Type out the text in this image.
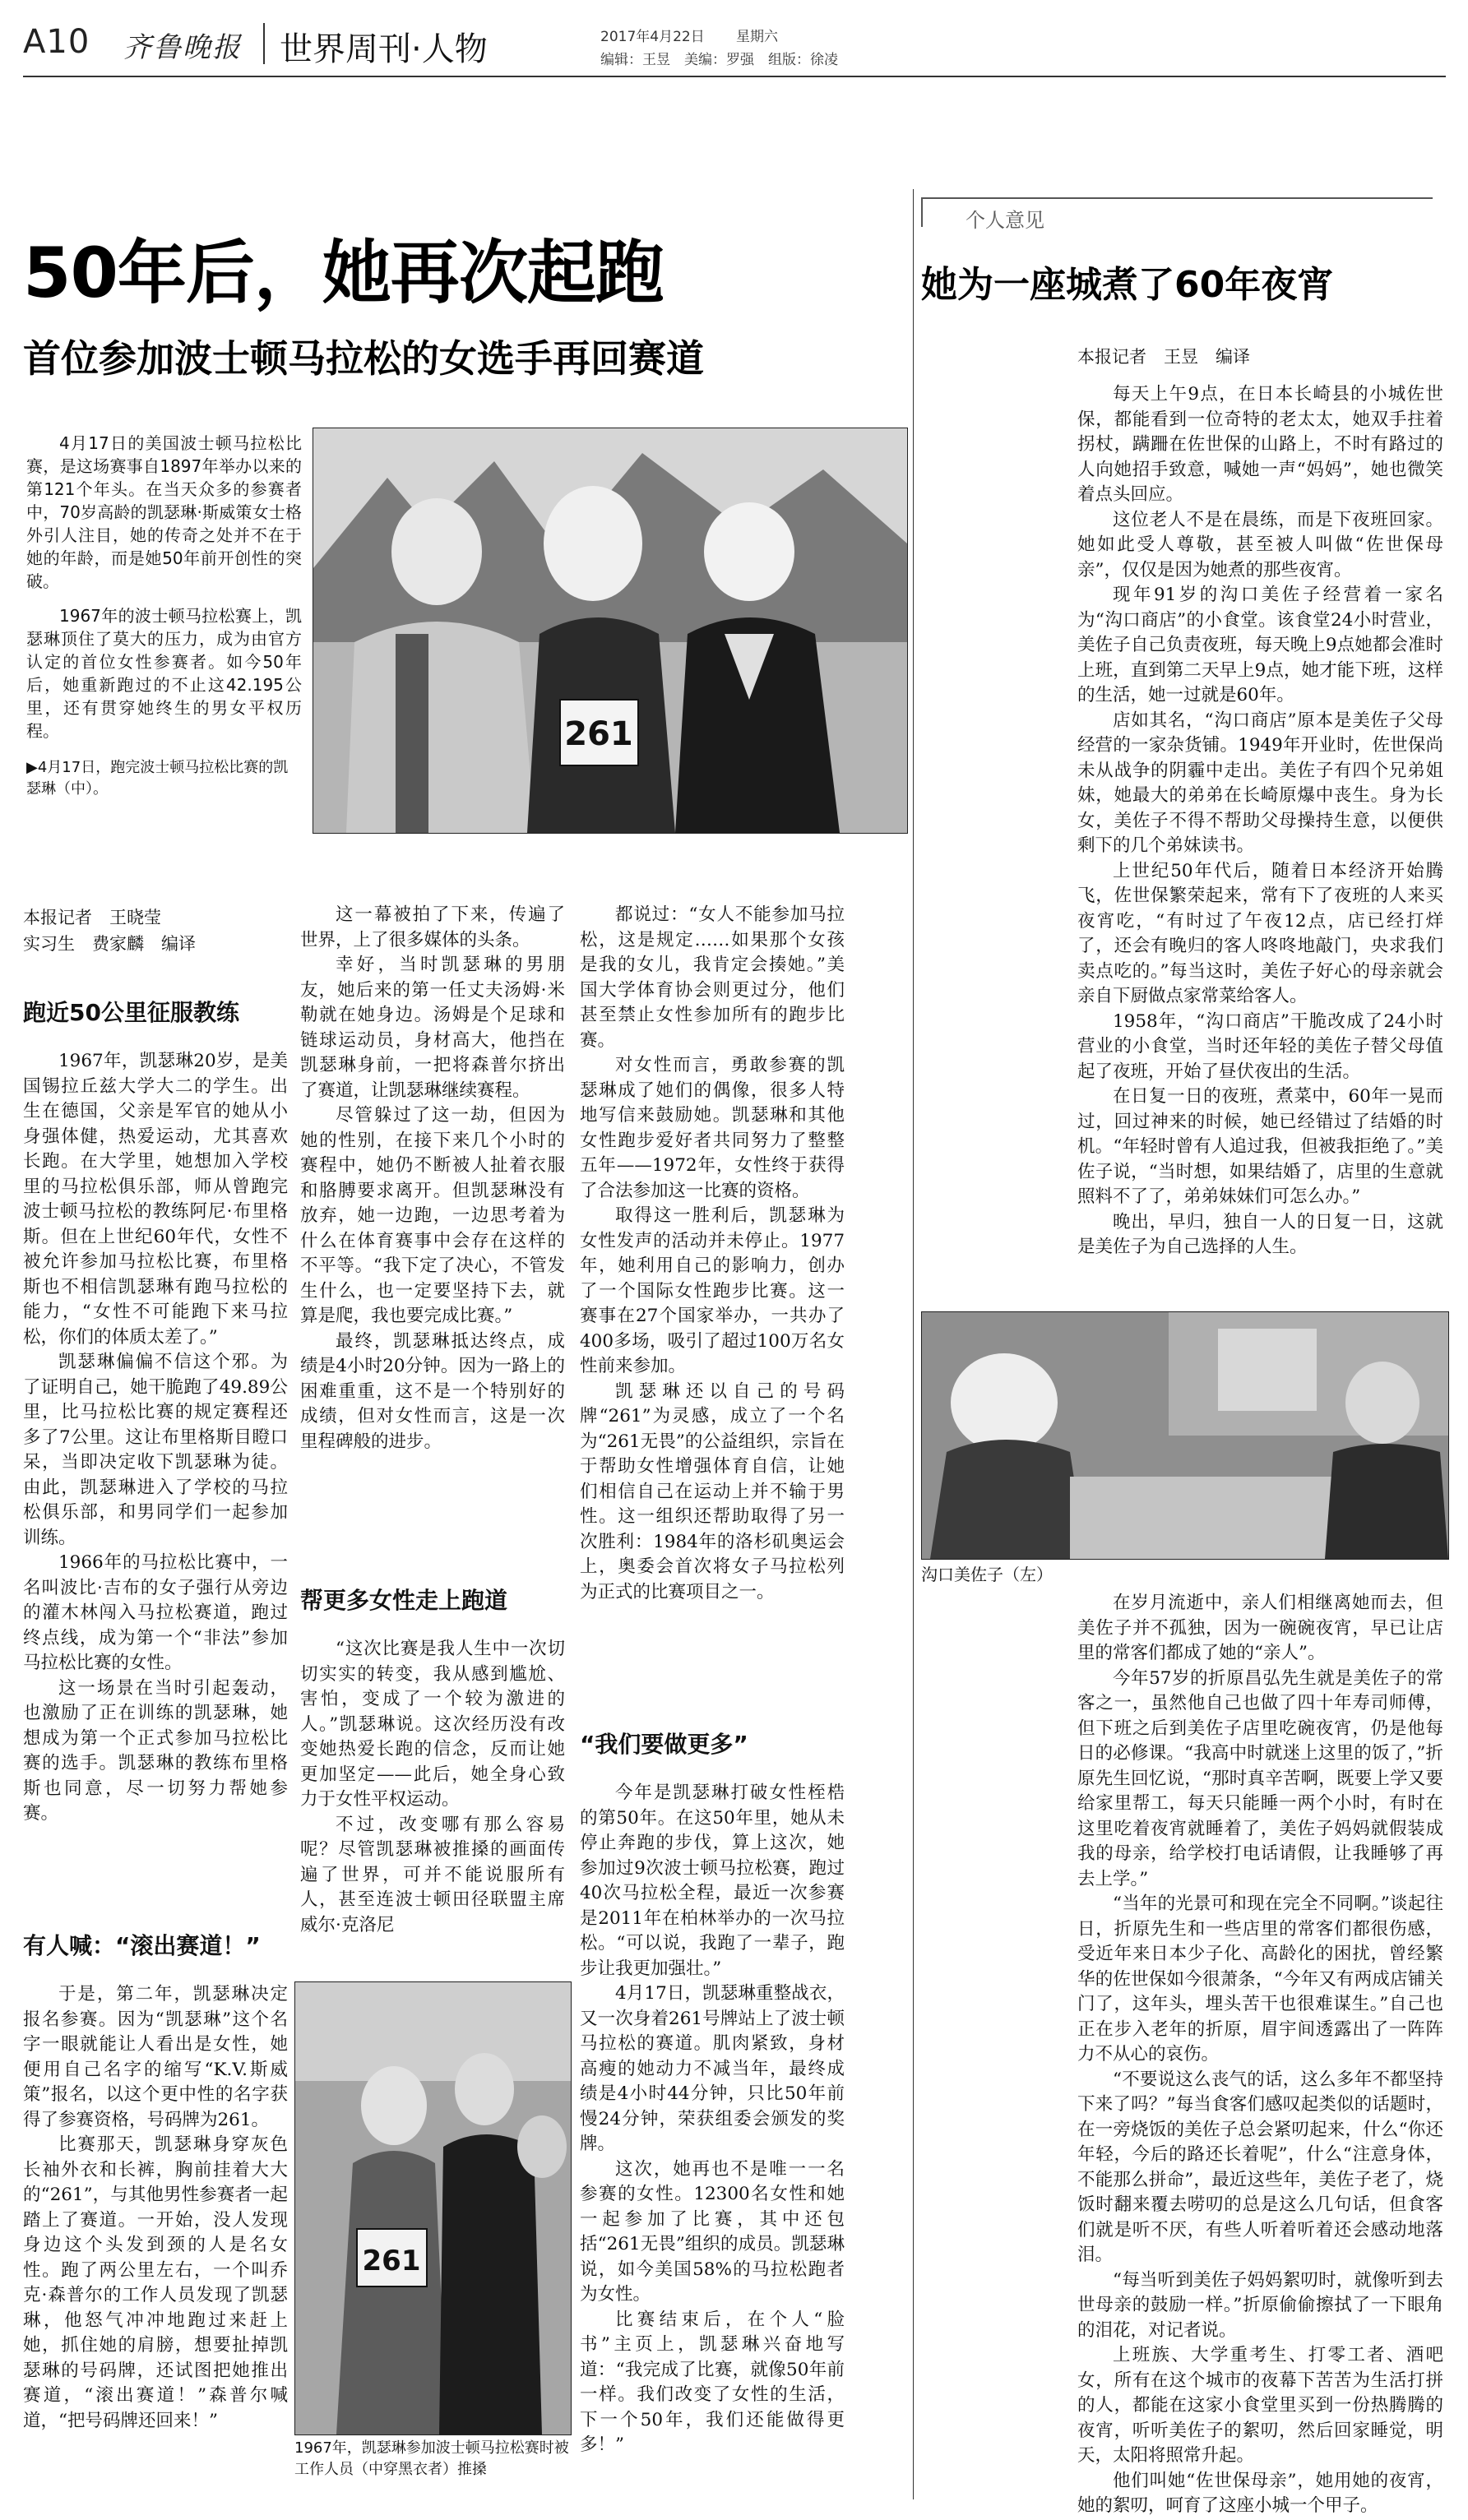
A10 齐鲁晚报 世界周刊·人物	2017年4月22日 星期六
编辑：王昱　美编：罗强　组版：徐凌
50年后，她再次起跑
首位参加波士顿马拉松的女选手再回赛道

4月17日的美国波士顿马拉松比赛，是这场赛事自1897年举办以来的第121个年头。在当天众多的参赛者中，70岁高龄的凯瑟琳·斯威策女士格外引人注目，她的传奇之处并不在于她的年龄，而是她50年前开创性的突破。

1967年的波士顿马拉松赛上，凯瑟琳顶住了莫大的压力，成为由官方认定的首位女性参赛者。如今50年后，她重新跑过的不止这42.195公里，还有贯穿她终生的男女平权历程。

▶4月17日，跑完波士顿马拉松比赛的凯瑟琳（中）。
261
本报记者　王晓莹
实习生　费家麟　编译
跑近50公里征服教练

1967年，凯瑟琳20岁，是美国锡拉丘兹大学大二的学生。出生在德国，父亲是军官的她从小身强体健，热爱运动，尤其喜欢长跑。在大学里，她想加入学校里的马拉松俱乐部，师从曾跑完波士顿马拉松的教练阿尼·布里格斯。但在上世纪60年代，女性不被允许参加马拉松比赛，布里格斯也不相信凯瑟琳有跑马拉松的能力，“女性不可能跑下来马拉松，你们的体质太差了。”

凯瑟琳偏偏不信这个邪。为了证明自己，她干脆跑了49.89公里，比马拉松比赛的规定赛程还多了7公里。这让布里格斯目瞪口呆，当即决定收下凯瑟琳为徒。由此，凯瑟琳进入了学校的马拉松俱乐部，和男同学们一起参加训练。

1966年的马拉松比赛中，一名叫波比·吉布的女子强行从旁边的灌木林闯入马拉松赛道，跑过终点线，成为第一个“非法”参加马拉松比赛的女性。

这一场景在当时引起轰动，也激励了正在训练的凯瑟琳，她想成为第一个正式参加马拉松比赛的选手。凯瑟琳的教练布里格斯也同意，尽一切努力帮她参赛。

有人喊：“滚出赛道！”

于是，第二年，凯瑟琳决定报名参赛。因为“凯瑟琳”这个名字一眼就能让人看出是女性，她便用自己名字的缩写“K.V.斯威策”报名，以这个更中性的名字获得了参赛资格，号码牌为261。

比赛那天，凯瑟琳身穿灰色长袖外衣和长裤，胸前挂着大大的“261”，与其他男性参赛者一起踏上了赛道。一开始，没人发现身边这个头发到颈的人是名女性。跑了两公里左右，一个叫乔克·森普尔的工作人员发现了凯瑟琳，他怒气冲冲地跑过来赶上她，抓住她的肩膀，想要扯掉凯瑟琳的号码牌，还试图把她推出赛道，“滚出赛道！”森普尔喊道，“把号码牌还回来！”

这一幕被拍了下来，传遍了世界，上了很多媒体的头条。

幸好，当时凯瑟琳的男朋友，她后来的第一任丈夫汤姆·米勒就在她身边。汤姆是个足球和链球运动员，身材高大，他挡在凯瑟琳身前，一把将森普尔挤出了赛道，让凯瑟琳继续赛程。

尽管躲过了这一劫，但因为她的性别，在接下来几个小时的赛程中，她仍不断被人扯着衣服和胳膊要求离开。但凯瑟琳没有放弃，她一边跑，一边思考着为什么在体育赛事中会存在这样的不平等。“我下定了决心，不管发生什么，也一定要坚持下去，就算是爬，我也要完成比赛。”

最终，凯瑟琳抵达终点，成绩是4小时20分钟。因为一路上的困难重重，这不是一个特别好的成绩，但对女性而言，这是一次里程碑般的进步。

帮更多女性走上跑道

“这次比赛是我人生中一次切切实实的转变，我从感到尴尬、害怕，变成了一个较为激进的人。”凯瑟琳说。这次经历没有改变她热爱长跑的信念，反而让她更加坚定——此后，她全身心致力于女性平权运动。

不过，改变哪有那么容易呢？尽管凯瑟琳被推搡的画面传遍了世界，可并不能说服所有人，甚至连波士顿田径联盟主席威尔·克洛尼

都说过：“女人不能参加马拉松，这是规定……如果那个女孩是我的女儿，我肯定会揍她。”美国大学体育协会则更过分，他们甚至禁止女性参加所有的跑步比赛。

对女性而言，勇敢参赛的凯瑟琳成了她们的偶像，很多人特地写信来鼓励她。凯瑟琳和其他女性跑步爱好者共同努力了整整五年——1972年，女性终于获得了合法参加这一比赛的资格。

取得这一胜利后，凯瑟琳为女性发声的活动并未停止。1977年，她利用自己的影响力，创办了一个国际女性跑步比赛。这一赛事在27个国家举办，一共办了400多场，吸引了超过100万名女性前来参加。

凯瑟琳还以自己的号码牌“261”为灵感，成立了一个名为“261无畏”的公益组织，宗旨在于帮助女性增强体育自信，让她们相信自己在运动上并不输于男性。这一组织还帮助取得了另一次胜利：1984年的洛杉矶奥运会上，奥委会首次将女子马拉松列为正式的比赛项目之一。

“我们要做更多”

今年是凯瑟琳打破女性桎梏的第50年。在这50年里，她从未停止奔跑的步伐，算上这次，她参加过9次波士顿马拉松赛，跑过40次马拉松全程，最近一次参赛是2011年在柏林举办的一次马拉松。“可以说，我跑了一辈子，跑步让我更加强壮。”

4月17日，凯瑟琳重整战衣，又一次身着261号牌站上了波士顿马拉松的赛道。肌肉紧致，身材高瘦的她动力不减当年，最终成绩是4小时44分钟，只比50年前慢24分钟，荣获组委会颁发的奖牌。

这次，她再也不是唯一一名参赛的女性。12300名女性和她一起参加了比赛，其中还包括“261无畏”组织的成员。凯瑟琳说，如今美国58%的马拉松跑者为女性。

比赛结束后，在个人“脸书”主页上，凯瑟琳兴奋地写道：“我完成了比赛，就像50年前一样。我们改变了女性的生活，下一个50年，我们还能做得更多！”

261
1967年，凯瑟琳参加波士顿马拉松赛时被工作人员（中穿黑衣者）推搡
个人意见
她为一座城煮了60年夜宵
本报记者　王昱　编译

每天上午9点，在日本长崎县的小城佐世保，都能看到一位奇特的老太太，她双手拄着拐杖，蹒跚在佐世保的山路上，不时有路过的人向她招手致意，喊她一声“妈妈”，她也微笑着点头回应。

这位老人不是在晨练，而是下夜班回家。她如此受人尊敬，甚至被人叫做“佐世保母亲”，仅仅是因为她煮的那些夜宵。

现年91岁的沟口美佐子经营着一家名为“沟口商店”的小食堂。该食堂24小时营业，美佐子自己负责夜班，每天晚上9点她都会准时上班，直到第二天早上9点，她才能下班，这样的生活，她一过就是60年。

店如其名，“沟口商店”原本是美佐子父母经营的一家杂货铺。1949年开业时，佐世保尚未从战争的阴霾中走出。美佐子有四个兄弟姐妹，她最大的弟弟在长崎原爆中丧生。身为长女，美佐子不得不帮助父母操持生意，以便供剩下的几个弟妹读书。

上世纪50年代后，随着日本经济开始腾飞，佐世保繁荣起来，常有下了夜班的人来买夜宵吃，“有时过了午夜12点，店已经打烊了，还会有晚归的客人咚咚地敲门，央求我们卖点吃的。”每当这时，美佐子好心的母亲就会亲自下厨做点家常菜给客人。

1958年，“沟口商店”干脆改成了24小时营业的小食堂，当时还年轻的美佐子替父母值起了夜班，开始了昼伏夜出的生活。

在日复一日的夜班，煮菜中，60年一晃而过，回过神来的时候，她已经错过了结婚的时机。“年轻时曾有人追过我，但被我拒绝了。”美佐子说，“当时想，如果结婚了，店里的生意就照料不了了，弟弟妹妹们可怎么办。”

晚出，早归，独自一人的日复一日，这就是美佐子为自己选择的人生。

沟口美佐子（左）

在岁月流逝中，亲人们相继离她而去，但美佐子并不孤独，因为一碗碗夜宵，早已让店里的常客们都成了她的“亲人”。

今年57岁的折原昌弘先生就是美佐子的常客之一，虽然他自己也做了四十年寿司师傅，但下班之后到美佐子店里吃碗夜宵，仍是他每日的必修课。“我高中时就迷上这里的饭了，”折原先生回忆说，“那时真辛苦啊，既要上学又要给家里帮工，每天只能睡一两个小时，有时在这里吃着夜宵就睡着了，美佐子妈妈就假装成我的母亲，给学校打电话请假，让我睡够了再去上学。”

“当年的光景可和现在完全不同啊。”谈起往日，折原先生和一些店里的常客们都很伤感，受近年来日本少子化、高龄化的困扰，曾经繁华的佐世保如今很萧条，“今年又有两成店铺关门了，这年头，埋头苦干也很难谋生。”自己也正在步入老年的折原，眉宇间透露出了一阵阵力不从心的哀伤。

“不要说这么丧气的话，这么多年不都坚持下来了吗？”每当食客们感叹起类似的话题时，在一旁烧饭的美佐子总会紧叨起来，什么“你还年轻，今后的路还长着呢”，什么“注意身体，不能那么拼命”，最近这些年，美佐子老了，烧饭时翻来覆去唠叨的总是这么几句话，但食客们就是听不厌，有些人听着听着还会感动地落泪。

“每当听到美佐子妈妈絮叨时，就像听到去世母亲的鼓励一样。”折原偷偷擦拭了一下眼角的泪花，对记者说。

上班族、大学重考生、打零工者、酒吧女，所有在这个城市的夜幕下苦苦为生活打拼的人，都能在这家小食堂里买到一份热腾腾的夜宵，听听美佐子的絮叨，然后回家睡觉，明天，太阳将照常升起。

他们叫她“佐世保母亲”，她用她的夜宵，她的絮叨，呵育了这座小城一个甲子。
